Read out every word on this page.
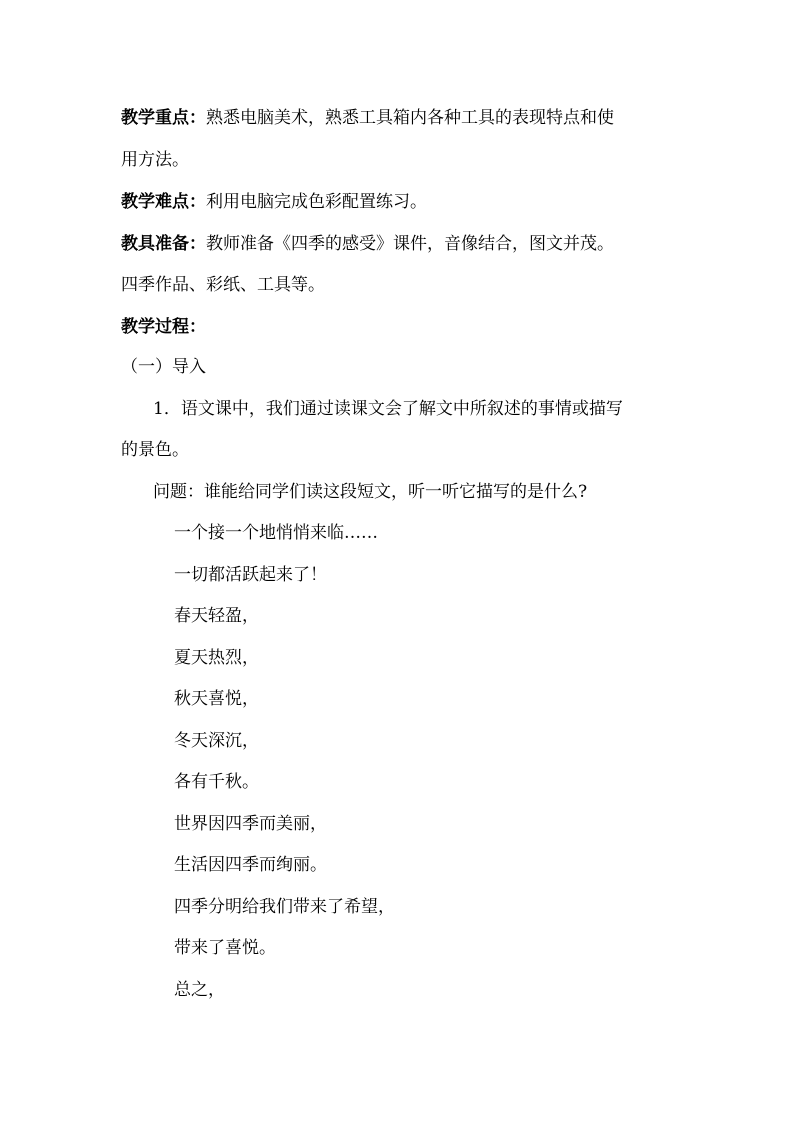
教学重点：熟悉电脑美术，熟悉工具箱内各种工具的表现特点和使
用方法。
教学难点：利用电脑完成色彩配置练习。
教具准备：教师准备《四季的感受》课件，音像结合，图文并茂。
四季作品、彩纸、工具等。
教学过程：
（一）导入
1．语文课中，我们通过读课文会了解文中所叙述的事情或描写
的景色。
问题：谁能给同学们读这段短文，听一听它描写的是什么?
一个接一个地悄悄来临……
一切都活跃起来了！
春天轻盈，
夏天热烈，
秋天喜悦，
冬天深沉，
各有千秋。
世界因四季而美丽，
生活因四季而绚丽。
四季分明给我们带来了希望，
带来了喜悦。
总之，
